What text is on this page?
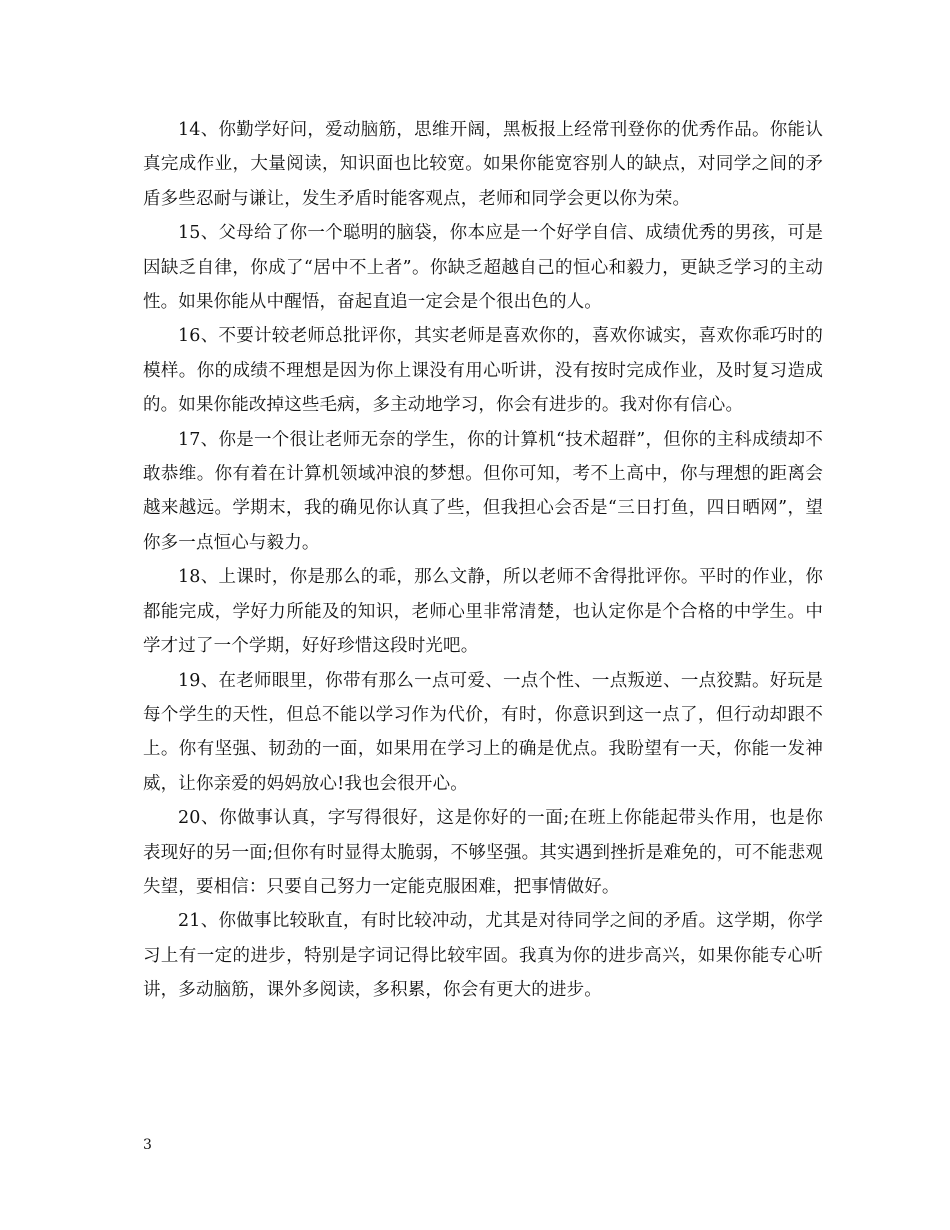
14、你勤学好问，爱动脑筋，思维开阔，黑板报上经常刊登你的优秀作品。你能认真完成作业，大量阅读，知识面也比较宽。如果你能宽容别人的缺点，对同学之间的矛盾多些忍耐与谦让，发生矛盾时能客观点，老师和同学会更以你为荣。

15、父母给了你一个聪明的脑袋，你本应是一个好学自信、成绩优秀的男孩，可是因缺乏自律，你成了“居中不上者”。你缺乏超越自己的恒心和毅力，更缺乏学习的主动性。如果你能从中醒悟，奋起直追一定会是个很出色的人。

16、不要计较老师总批评你，其实老师是喜欢你的，喜欢你诚实，喜欢你乖巧时的模样。你的成绩不理想是因为你上课没有用心听讲，没有按时完成作业，及时复习造成的。如果你能改掉这些毛病，多主动地学习，你会有进步的。我对你有信心。

17、你是一个很让老师无奈的学生，你的计算机“技术超群”，但你的主科成绩却不敢恭维。你有着在计算机领域冲浪的梦想。但你可知，考不上高中，你与理想的距离会越来越远。学期末，我的确见你认真了些，但我担心会否是“三日打鱼，四日晒网”，望你多一点恒心与毅力。

18、上课时，你是那么的乖，那么文静，所以老师不舍得批评你。平时的作业，你都能完成，学好力所能及的知识，老师心里非常清楚，也认定你是个合格的中学生。中学才过了一个学期，好好珍惜这段时光吧。

19、在老师眼里，你带有那么一点可爱、一点个性、一点叛逆、一点狡黠。好玩是每个学生的天性，但总不能以学习作为代价，有时，你意识到这一点了，但行动却跟不上。你有坚强、韧劲的一面，如果用在学习上的确是优点。我盼望有一天，你能一发神威，让你亲爱的妈妈放心!我也会很开心。

20、你做事认真，字写得很好，这是你好的一面;在班上你能起带头作用，也是你表现好的另一面;但你有时显得太脆弱，不够坚强。其实遇到挫折是难免的，可不能悲观失望，要相信：只要自己努力一定能克服困难，把事情做好。

21、你做事比较耿直，有时比较冲动，尤其是对待同学之间的矛盾。这学期，你学习上有一定的进步，特别是字词记得比较牢固。我真为你的进步高兴，如果你能专心听讲，多动脑筋，课外多阅读，多积累，你会有更大的进步。

3
